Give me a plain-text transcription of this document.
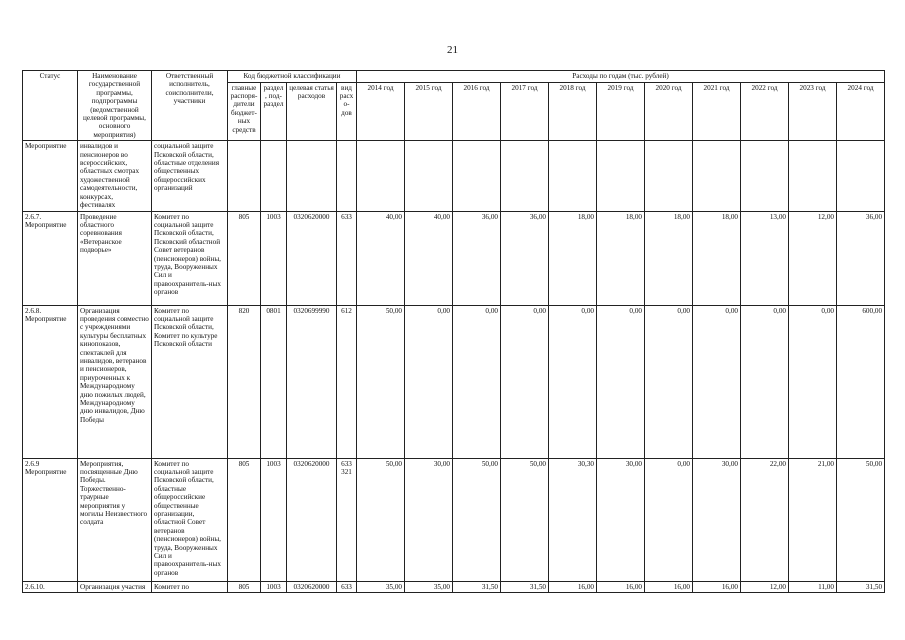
21
Статус	Наименование государственной программы, подпрограммы (ведомственной целевой программы, основного мероприятия)	Ответственный исполнитель, соисполнители, участники	Код бюджетной классификации				Расходы по годам (тыс. рублей)										
			главные распоря-дители бюджет-ных средств	раздел, под-раздел	целевая статья расходов	вид расхо-дов	2014 год	2015 год	2016 год	2017 год	2018 год	2019 год	2020 год	2021 год	2022 год	2023 год	2024 год
Мероприятие	инвалидов и пенсионеров во всероссийских, областных смотрах художественной самодеятельности, конкурсах, фестивалях	социальной защите Псковской области, областные отделения общественных общероссийских организаций															
2.6.7. Мероприятие	Проведение областного соревнования «Ветеранское подворье»	Комитет по социальной защите Псковской области, Псковский областной Совет ветеранов (пенсионеров) войны, труда, Вооруженных Сил и правоохранитель-ных органов	805	1003	0320620000	633	40,00	40,00	36,00	36,00	18,00	18,00	18,00	18,00	13,00	12,00	36,00
2.6.8. Мероприятие	Организация проведения совместно с учреждениями культуры бесплатных кинопоказов, спектаклей для инвалидов, ветеранов и пенсионеров, приуроченных к Международному дню пожилых людей, Международному дню инвалидов, Дню Победы	Комитет по социальной защите Псковской области, Комитет по культуре Псковской области	820	0801	0320699990	612	50,00	0,00	0,00	0,00	0,00	0,00	0,00	0,00	0,00	0,00	600,00
2.6.9 Мероприятие	Мероприятия, посвященные Дню Победы. Торжественно-траурные мероприятия у могилы Неизвестного солдата	Комитет по социальной защите Псковской области, областные общероссийские общественные организации, областной Совет ветеранов (пенсионеров) войны, труда, Вооруженных Сил и правоохранитель-ных органов	805	1003	0320620000	633 321	50,00	30,00	50,00	50,00	30,30	30,00	0,00	30,00	22,00	21,00	50,00
2.6.10.	Организация участия	Комитет по	805	1003	0320620000	633	35,00	35,00	31,50	31,50	16,00	16,00	16,00	16,00	12,00	11,00	31,50
